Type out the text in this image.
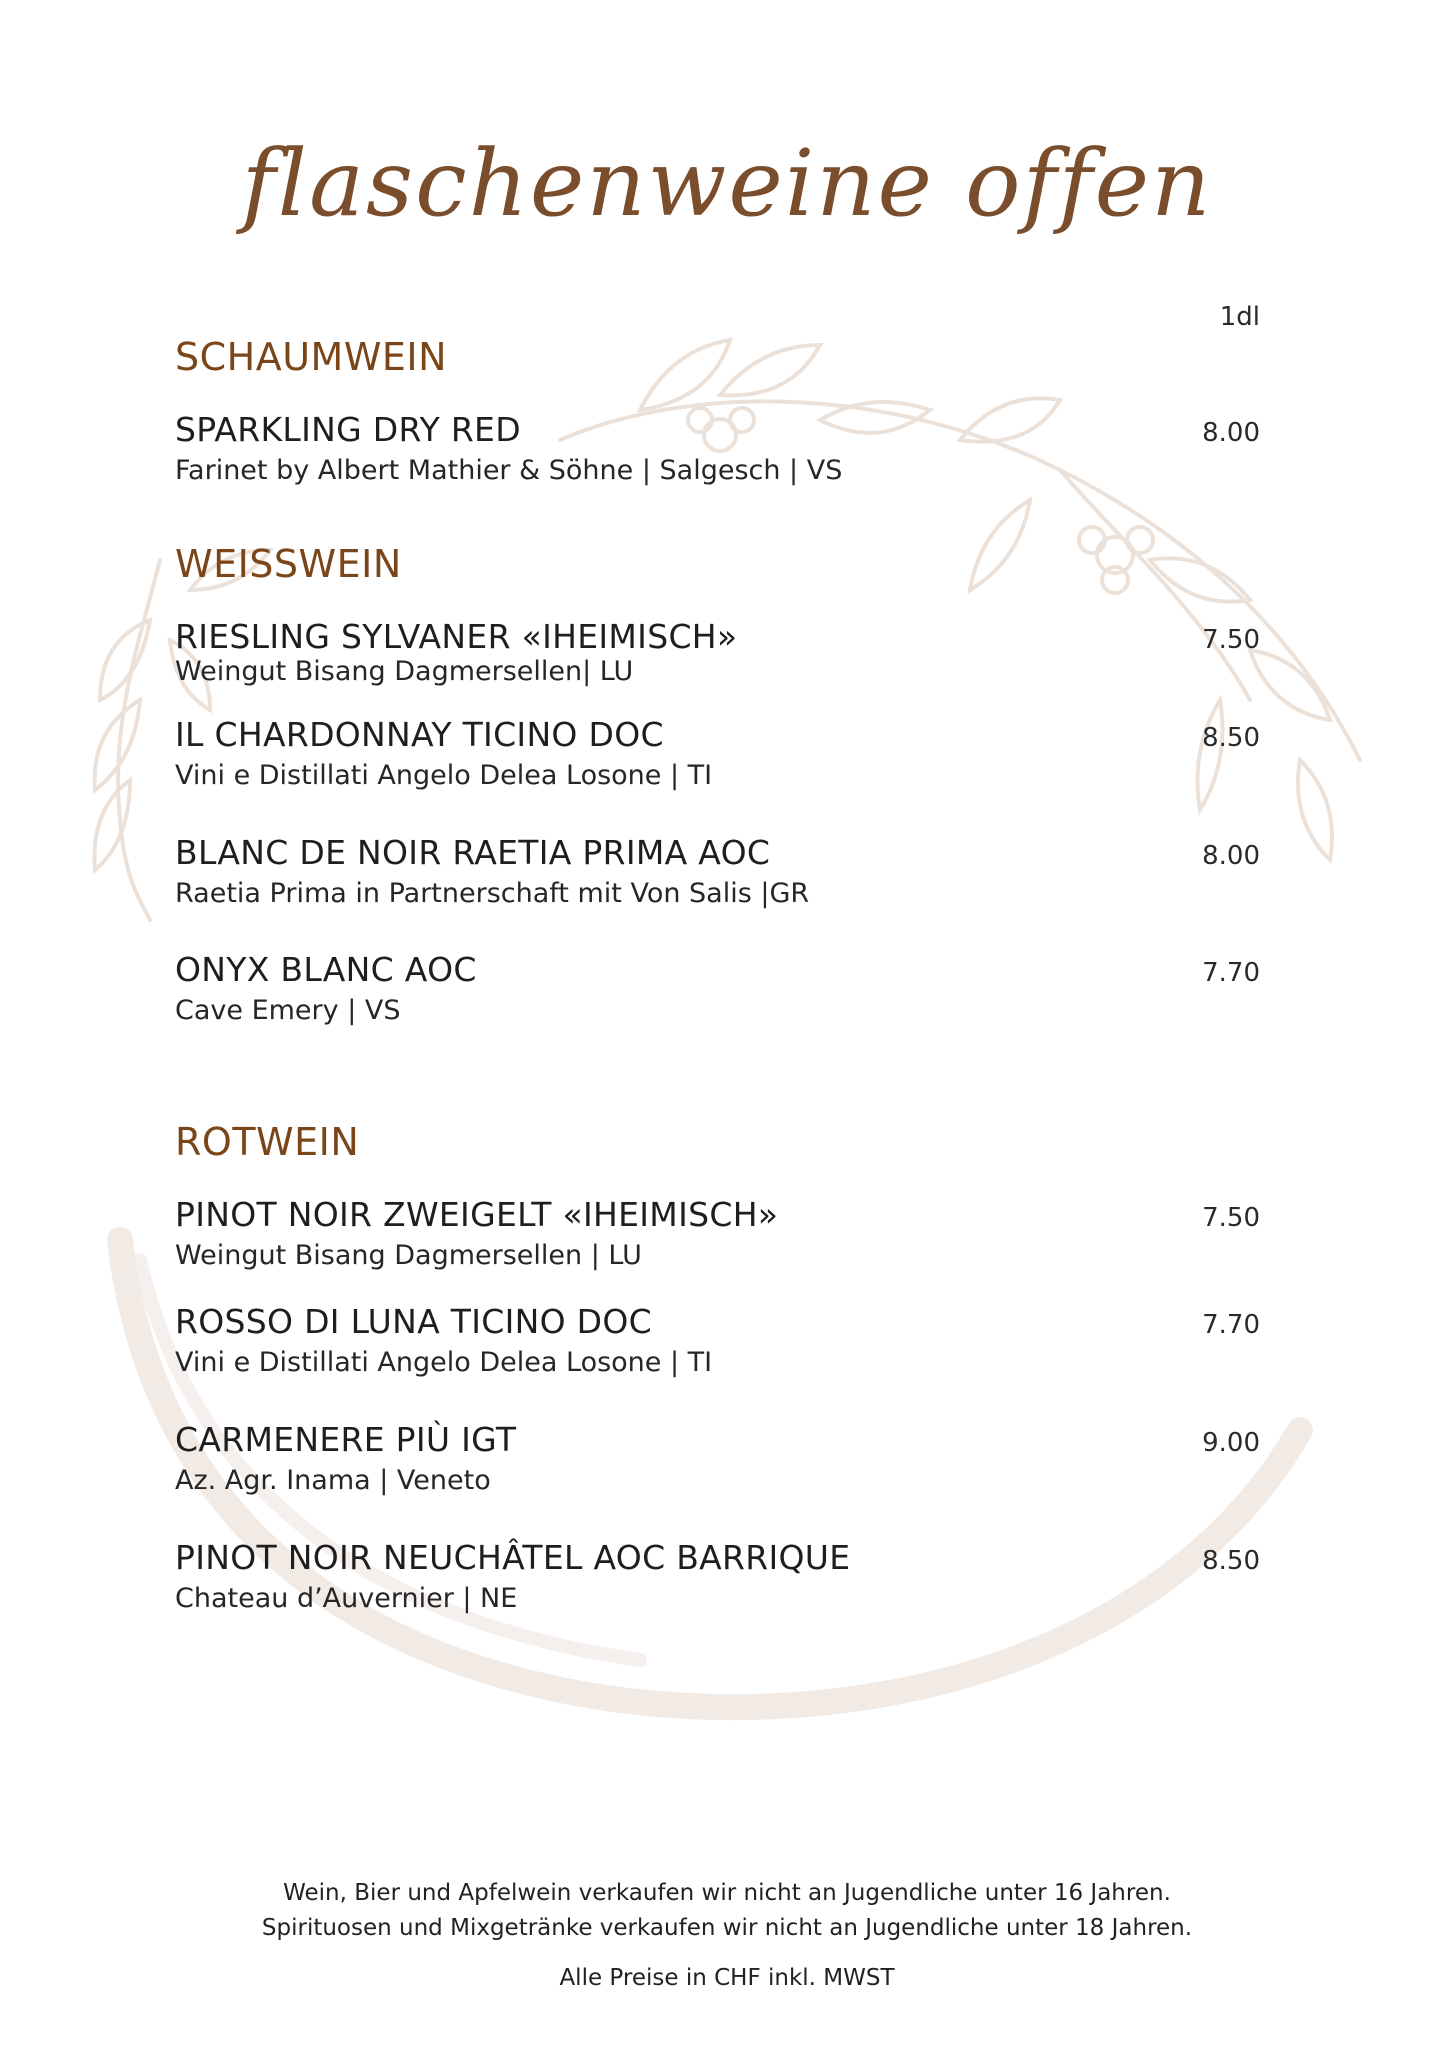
flaschenweine offen
1dl
SCHAUMWEIN
SPARKLING DRY RED	8.00
Farinet by Albert Mathier & Söhne | Salgesch | VS
WEISSWEIN
RIESLING SYLVANER «IHEIMISCH»	7.50
Weingut Bisang Dagmersellen| LU
IL CHARDONNAY TICINO DOC	8.50
Vini e Distillati Angelo Delea Losone | TI
BLANC DE NOIR RAETIA PRIMA AOC	8.00
Raetia Prima in Partnerschaft mit Von Salis |GR
ONYX BLANC AOC	7.70
Cave Emery | VS
ROTWEIN
PINOT NOIR ZWEIGELT «IHEIMISCH»	7.50
Weingut Bisang Dagmersellen | LU
ROSSO DI LUNA TICINO DOC	7.70
Vini e Distillati Angelo Delea Losone | TI
CARMENERE PIÙ IGT	9.00
Az. Agr. Inama | Veneto
PINOT NOIR NEUCHÂTEL AOC BARRIQUE	8.50
Chateau d’Auvernier | NE
Wein, Bier und Apfelwein verkaufen wir nicht an Jugendliche unter 16 Jahren.
Spirituosen und Mixgetränke verkaufen wir nicht an Jugendliche unter 18 Jahren.
Alle Preise in CHF inkl. MWST
